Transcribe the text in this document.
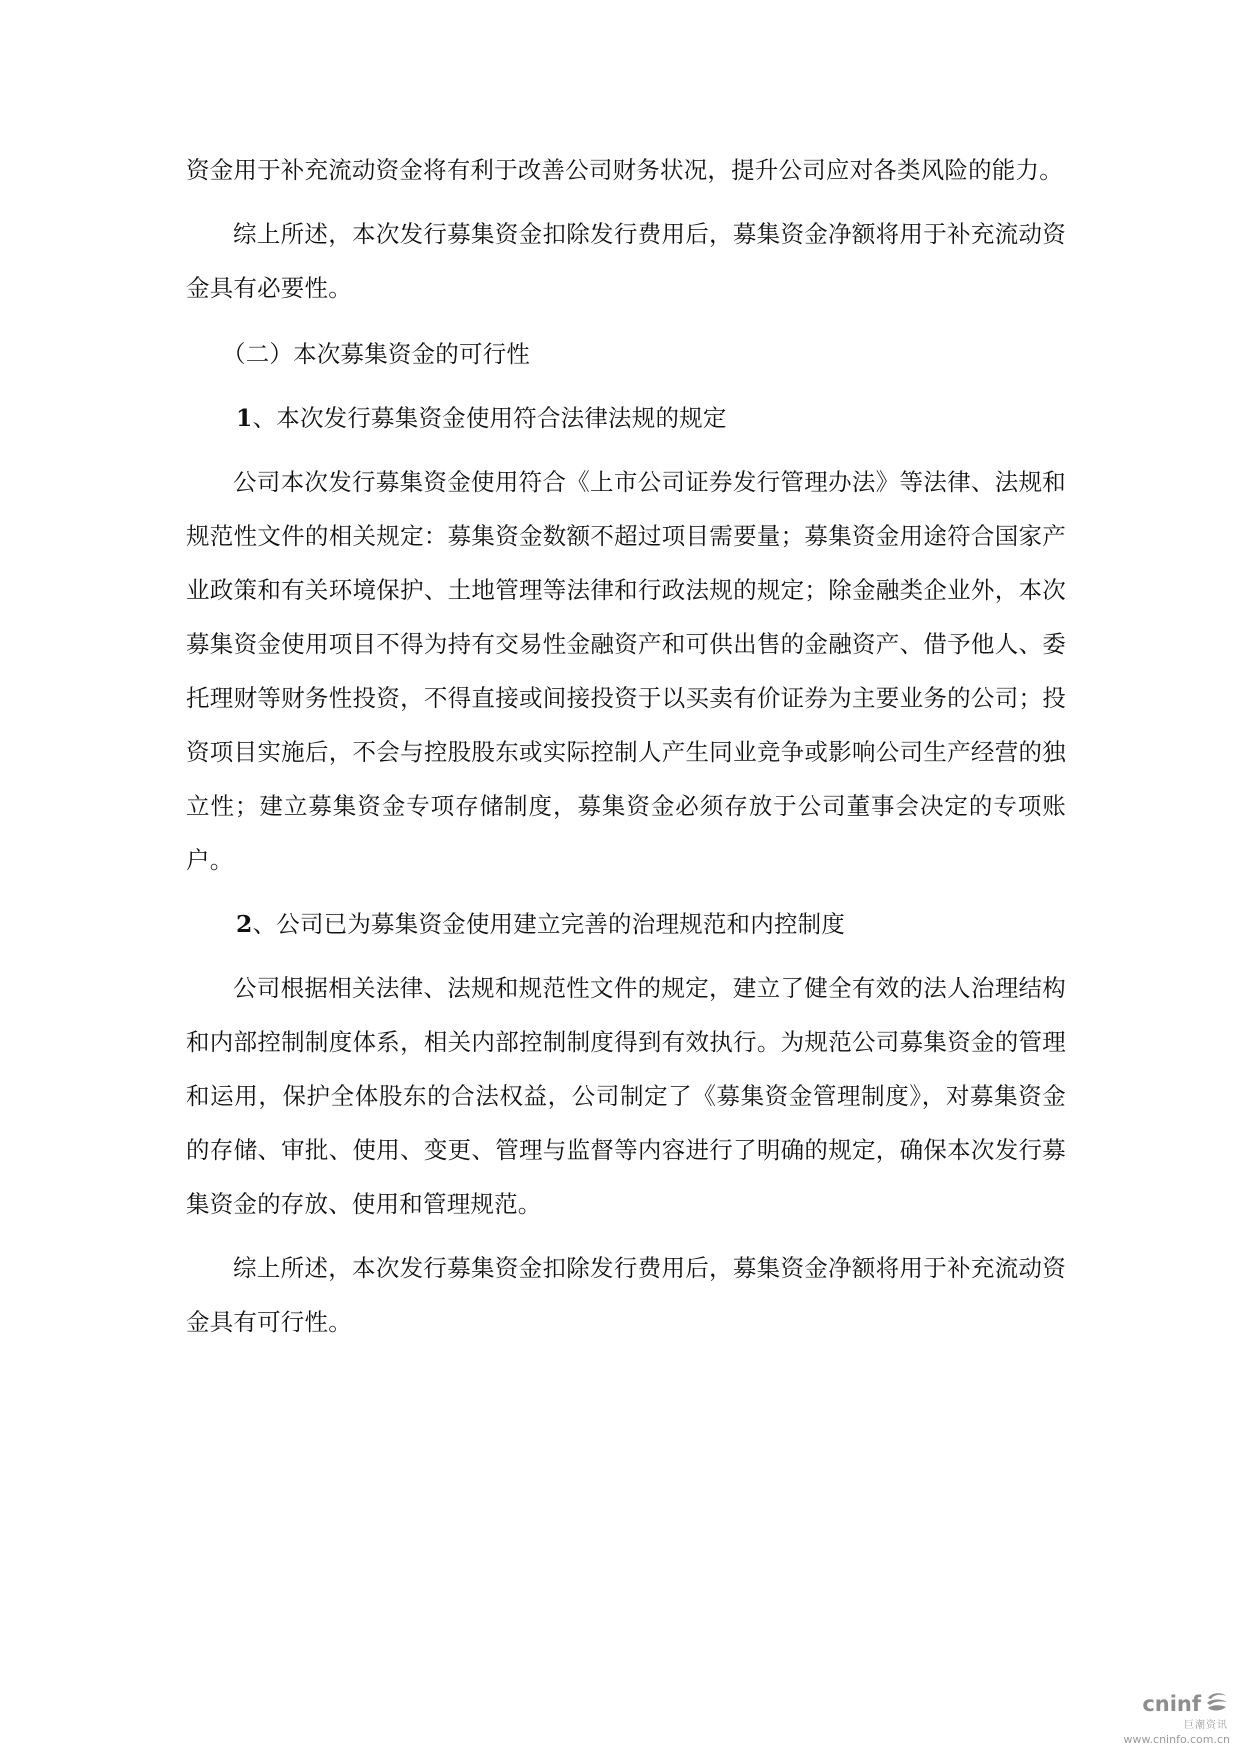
资金用于补充流动资金将有利于改善公司财务状况，提升公司应对各类风险的能力。

综上所述，本次发行募集资金扣除发行费用后，募集资金净额将用于补充流动资金具有必要性。

（二）本次募集资金的可行性
1、本次发行募集资金使用符合法律法规的规定

公司本次发行募集资金使用符合《上市公司证券发行管理办法》等法律、法规和规范性文件的相关规定：募集资金数额不超过项目需要量；募集资金用途符合国家产业政策和有关环境保护、土地管理等法律和行政法规的规定；除金融类企业外，本次募集资金使用项目不得为持有交易性金融资产和可供出售的金融资产、借予他人、委托理财等财务性投资，不得直接或间接投资于以买卖有价证券为主要业务的公司；投资项目实施后，不会与控股股东或实际控制人产生同业竞争或影响公司生产经营的独立性；建立募集资金专项存储制度，募集资金必须存放于公司董事会决定的专项账户。

2、公司已为募集资金使用建立完善的治理规范和内控制度

公司根据相关法律、法规和规范性文件的规定，建立了健全有效的法人治理结构和内部控制制度体系，相关内部控制制度得到有效执行。为规范公司募集资金的管理和运用，保护全体股东的合法权益，公司制定了《募集资金管理制度》，对募集资金的存储、审批、使用、变更、管理与监督等内容进行了明确的规定，确保本次发行募集资金的存放、使用和管理规范。

综上所述，本次发行募集资金扣除发行费用后，募集资金净额将用于补充流动资金具有可行性。

cninf
巨潮资讯
www.cninfo.com.cn
